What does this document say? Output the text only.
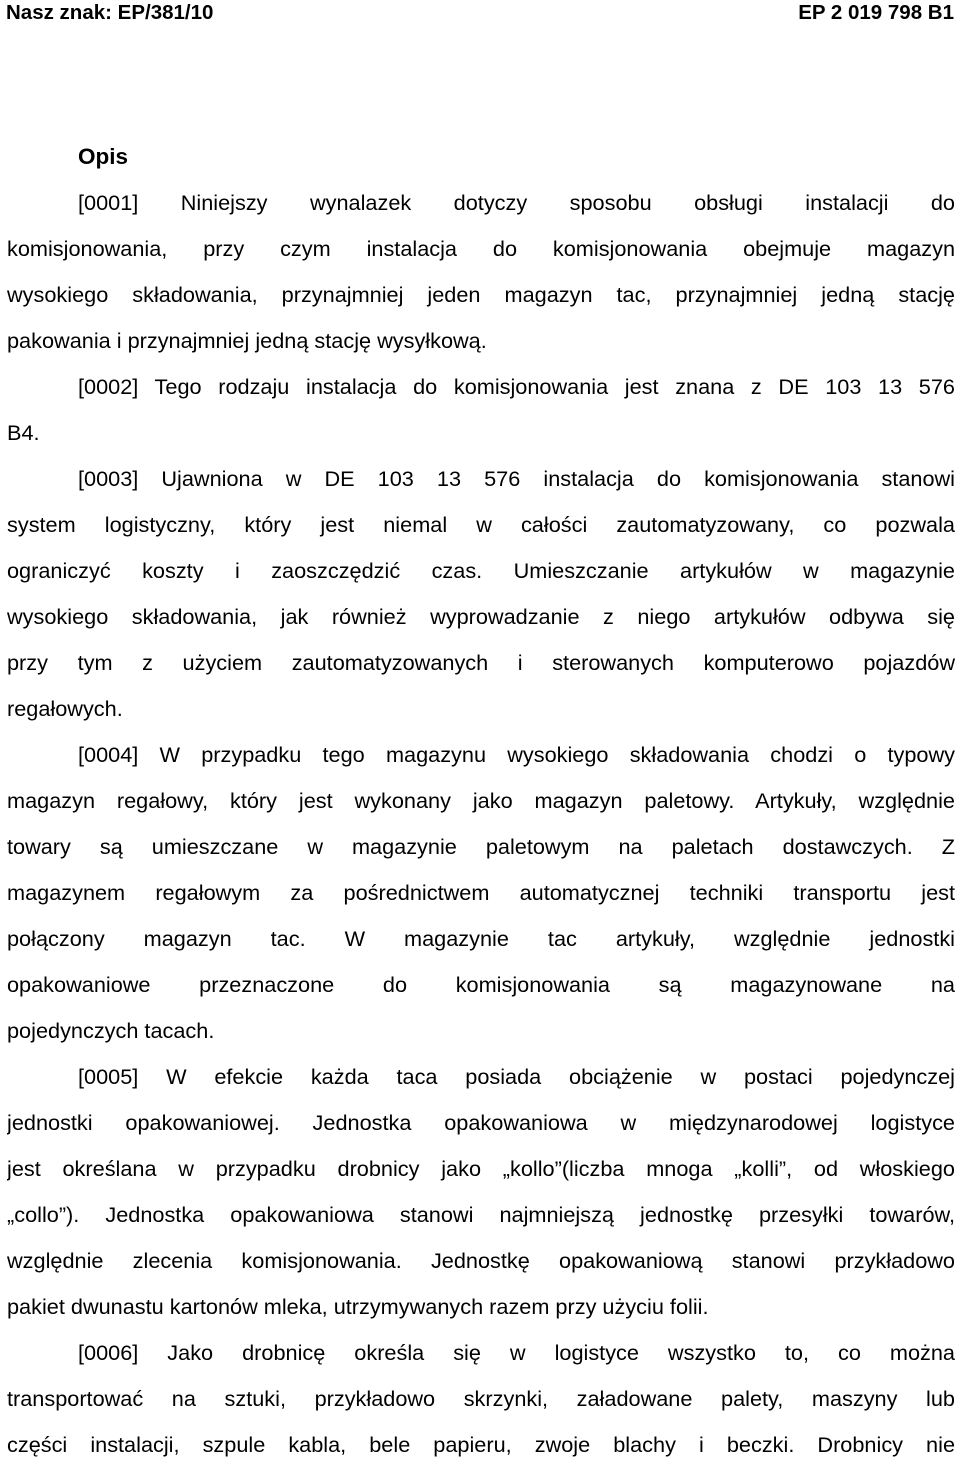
Nasz znak: EP/381/10	EP 2 019 798 B1
Opis
[0001] Niniejszy wynalazek dotyczy sposobu obsługi instalacji do
komisjonowania, przy czym instalacja do komisjonowania obejmuje magazyn
wysokiego składowania, przynajmniej jeden magazyn tac, przynajmniej jedną stację
pakowania i przynajmniej jedną stację wysyłkową.
[0002] Tego rodzaju instalacja do komisjonowania jest znana z DE 103 13 576
B4.
[0003] Ujawniona w DE 103 13 576 instalacja do komisjonowania stanowi
system logistyczny, który jest niemal w całości zautomatyzowany, co pozwala
ograniczyć koszty i zaoszczędzić czas. Umieszczanie artykułów w magazynie
wysokiego składowania, jak również wyprowadzanie z niego artykułów odbywa się
przy tym z użyciem zautomatyzowanych i sterowanych komputerowo pojazdów
regałowych.
[0004] W przypadku tego magazynu wysokiego składowania chodzi o typowy
magazyn regałowy, który jest wykonany jako magazyn paletowy. Artykuły, względnie
towary są umieszczane w magazynie paletowym na paletach dostawczych. Z
magazynem regałowym za pośrednictwem automatycznej techniki transportu jest
połączony magazyn tac. W magazynie tac artykuły, względnie jednostki
opakowaniowe przeznaczone do komisjonowania są magazynowane na
pojedynczych tacach.
[0005] W efekcie każda taca posiada obciążenie w postaci pojedynczej
jednostki opakowaniowej. Jednostka opakowaniowa w międzynarodowej logistyce
jest określana w przypadku drobnicy jako „kollo”(liczba mnoga „kolli”, od włoskiego
„collo”). Jednostka opakowaniowa stanowi najmniejszą jednostkę przesyłki towarów,
względnie zlecenia komisjonowania. Jednostkę opakowaniową stanowi przykładowo
pakiet dwunastu kartonów mleka, utrzymywanych razem przy użyciu folii.
[0006] Jako drobnicę określa się w logistyce wszystko to, co można
transportować na sztuki, przykładowo skrzynki, załadowane palety, maszyny lub
części instalacji, szpule kabla, bele papieru, zwoje blachy i beczki. Drobnicy nie
